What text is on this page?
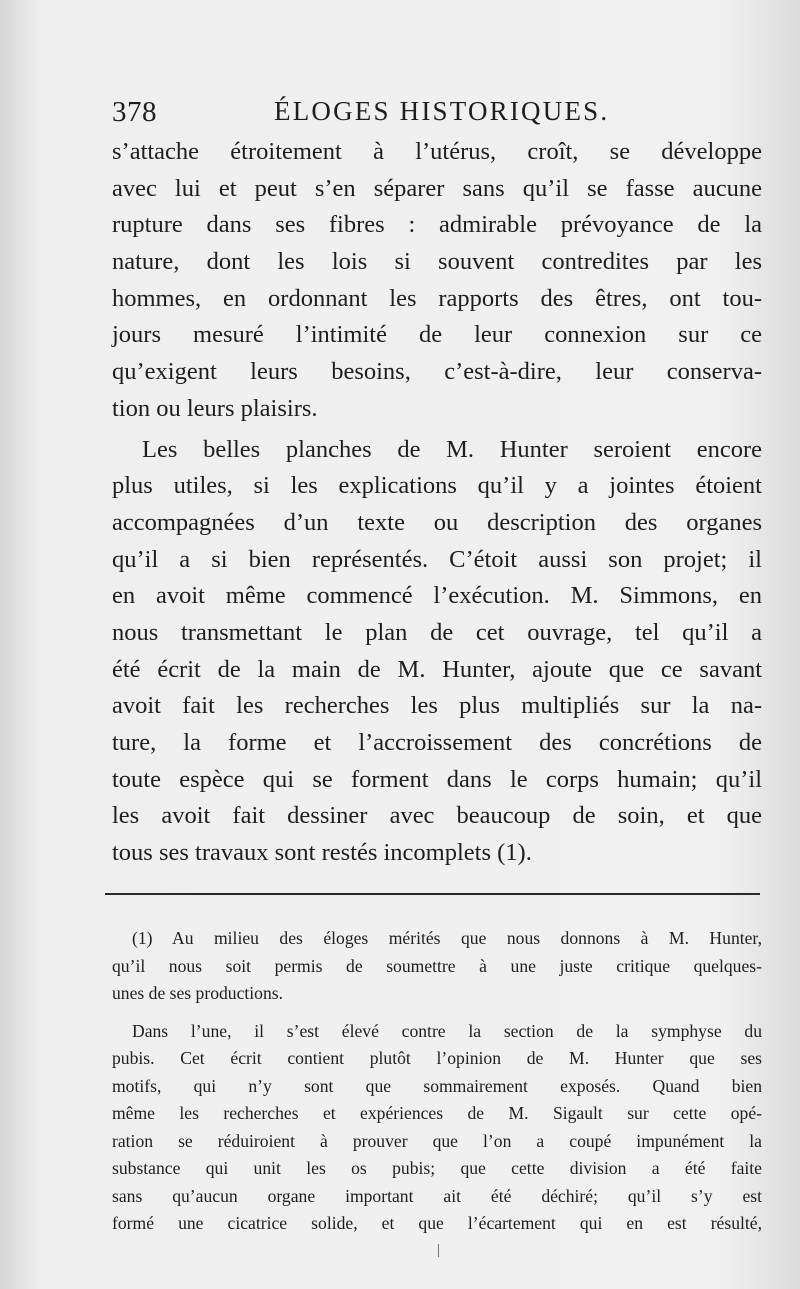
378	ÉLOGES HISTORIQUES.
s’attache étroitement à l’utérus, croît, se développe
avec lui et peut s’en séparer sans qu’il se fasse aucune
rupture dans ses fibres : admirable prévoyance de la
nature, dont les lois si souvent contredites par les
hommes, en ordonnant les rapports des êtres, ont tou-
jours mesuré l’intimité de leur connexion sur ce
qu’exigent leurs besoins, c’est-à-dire, leur conserva-
tion ou leurs plaisirs.
Les belles planches de M. Hunter seroient encore
plus utiles, si les explications qu’il y a jointes étoient
accompagnées d’un texte ou description des organes
qu’il a si bien représentés. C’étoit aussi son projet; il
en avoit même commencé l’exécution. M. Simmons, en
nous transmettant le plan de cet ouvrage, tel qu’il a
été écrit de la main de M. Hunter, ajoute que ce savant
avoit fait les recherches les plus multipliés sur la na-
ture, la forme et l’accroissement des concrétions de
toute espèce qui se forment dans le corps humain; qu’il
les avoit fait dessiner avec beaucoup de soin, et que
tous ses travaux sont restés incomplets (1).
(1) Au milieu des éloges mérités que nous donnons à M. Hunter,
qu’il nous soit permis de soumettre à une juste critique quelques-
unes de ses productions.
Dans l’une, il s’est élevé contre la section de la symphyse du
pubis. Cet écrit contient plutôt l’opinion de M. Hunter que ses
motifs, qui n’y sont que sommairement exposés. Quand bien
même les recherches et expériences de M. Sigault sur cette opé-
ration se réduiroient à prouver que l’on a coupé impunément la
substance qui unit les os pubis; que cette division a été faite
sans qu’aucun organe important ait été déchiré; qu’il s’y est
formé une cicatrice solide, et que l’écartement qui en est résulté,
